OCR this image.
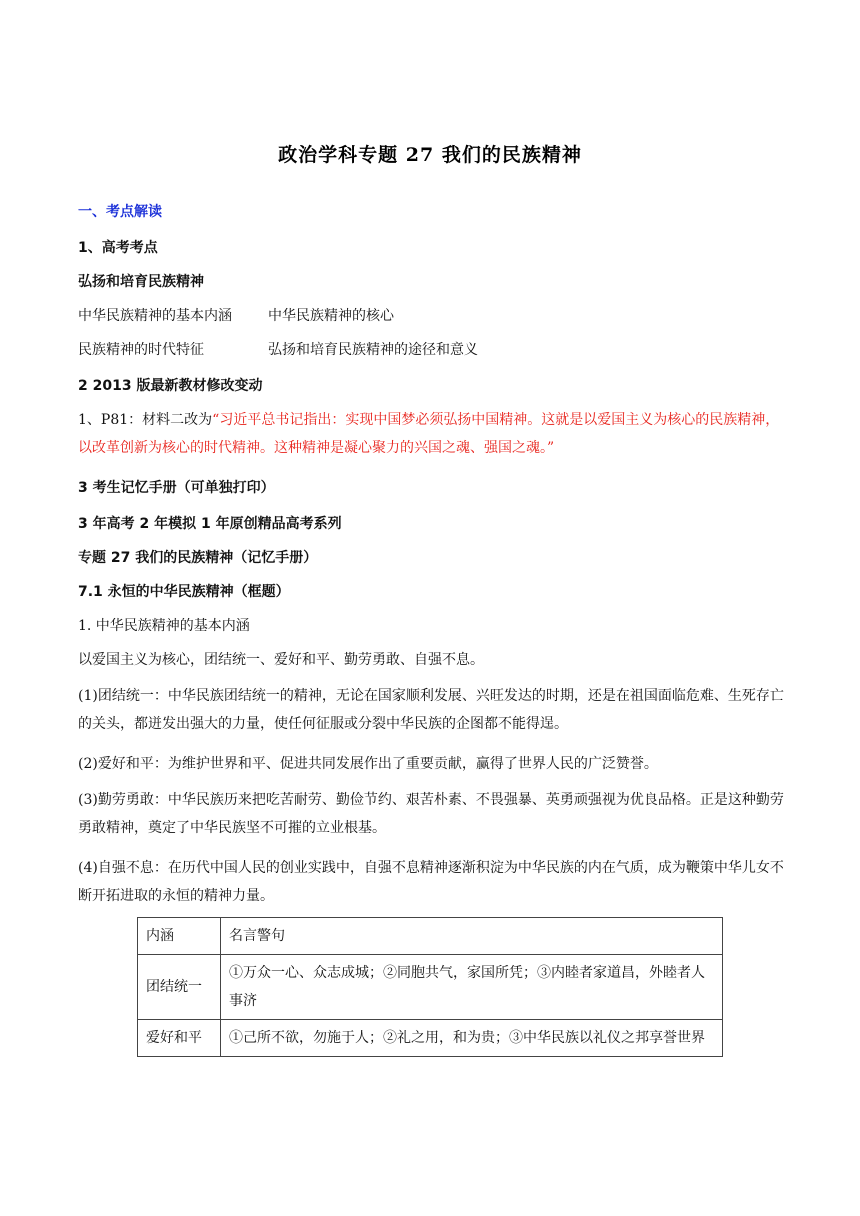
政治学科专题 27 我们的民族精神
一、考点解读
1、高考考点
弘扬和培育民族精神
中华民族精神的基本内涵	中华民族精神的核心
民族精神的时代特征	弘扬和培育民族精神的途径和意义
2 2013 版最新教材修改变动
1、P81：材料二改为“习近平总书记指出：实现中国梦必须弘扬中国精神。这就是以爱国主义为核心的民族精神，以改革创新为核心的时代精神。这种精神是凝心聚力的兴国之魂、强国之魂。”
3 考生记忆手册（可单独打印）
3 年高考 2 年模拟 1 年原创精品高考系列
专题 27 我们的民族精神（记忆手册）
7.1 永恒的中华民族精神（框题）
1. 中华民族精神的基本内涵
以爱国主义为核心，团结统一、爱好和平、勤劳勇敢、自强不息。
(1)团结统一：中华民族团结统一的精神，无论在国家顺利发展、兴旺发达的时期，还是在祖国面临危难、生死存亡的关头，都迸发出强大的力量，使任何征服或分裂中华民族的企图都不能得逞。
(2)爱好和平：为维护世界和平、促进共同发展作出了重要贡献，赢得了世界人民的广泛赞誉。
(3)勤劳勇敢：中华民族历来把吃苦耐劳、勤俭节约、艰苦朴素、不畏强暴、英勇顽强视为优良品格。正是这种勤劳勇敢精神，奠定了中华民族坚不可摧的立业根基。
(4)自强不息：在历代中国人民的创业实践中，自强不息精神逐渐积淀为中华民族的内在气质，成为鞭策中华儿女不断开拓进取的永恒的精神力量。
内涵	名言警句
团结统一	①万众一心、众志成城；②同胞共气，家国所凭；③内睦者家道昌，外睦者人事济
爱好和平	①己所不欲，勿施于人；②礼之用，和为贵；③中华民族以礼仪之邦享誉世界
